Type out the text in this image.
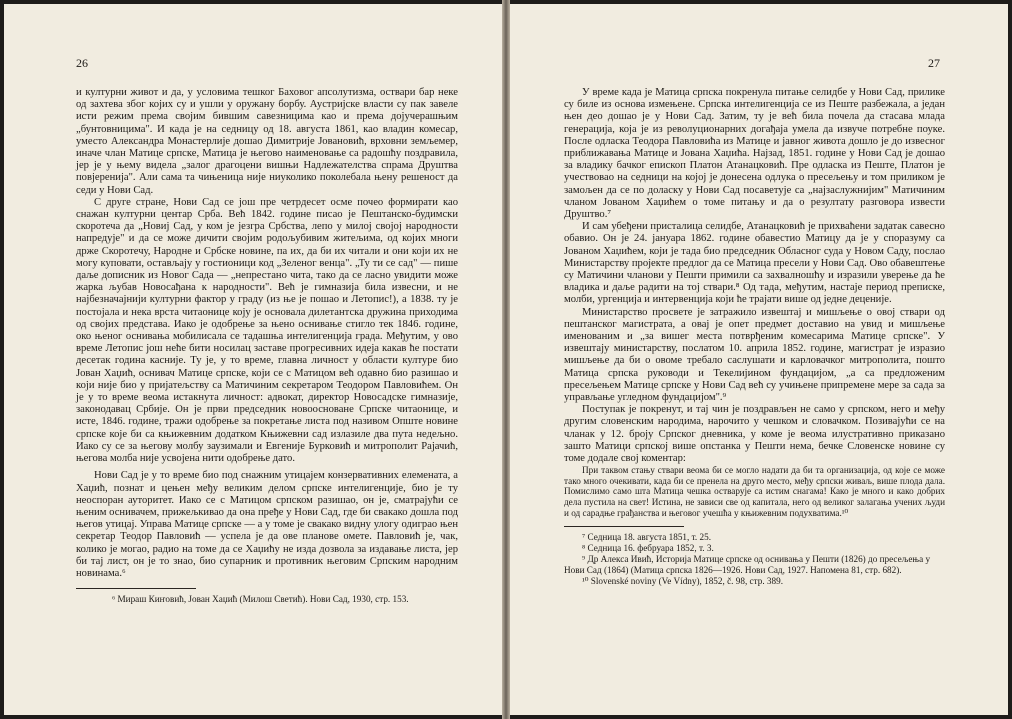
26

и културни живот и да, у условима тешког Баховог апсолутизма, оствари бар неке од захтева због којих су и ушли у оружану борбу. Аустријске власти су пак завеле исти режим према својим бившим савезницима као и према дојучерашњим „бунтовницима". И када је на седницу од 18. августа 1861, као владин комесар, уместо Александра Монастерлије дошао Димитрије Јовановић, врховни земљемер, иначе члан Матице српске, Матица је његово наименовање са радошћу поздравила, јер је у њему видела „залог драгоцени вишњи Надлежателства спрама Друштва повјеренија". Али сама та чињеница није ниуколико поколебала њену решеност да седи у Нови Сад.

С друге стране, Нови Сад се још пре четрдесет осме почео формирати као снажан културни центар Срба. Већ 1842. године писао је Пештанско-будимски скоротеча да „Новиј Сад, у ком је језгра Србства, лепо у милој својој народности напредује" и да се може дичити својим родољубивим житељима, од којих многи држе Скоротечу, Народне и Србске новине, па их, да би их читали и они који их не могу куповати, остављају у гостионици код „Зеленог венца". „Ту ти се сад" — пише даље дописник из Новог Сада — „непрестано чита, тако да се ласно увидити може жарка љубав Новосађана к народности". Већ је гимназија била извесни, и не најбезначајнији културни фактор у граду (из ње је пошао и Летопис!), а 1838. ту је постојала и нека врста читаонице коју је основала дилетантска дружина приходима од својих представа. Иако је одобрење за њено оснивање стигло тек 1846. године, око њеног оснивања мобилисала се тадашња интелигенција града. Међутим, у ово време Летопис још неће бити носилац заставе прогресивних идеја какав ће постати десетак година касније. Ту је, у то време, главна личност у области културе био Јован Хаџић, оснивач Матице српске, који се с Матицом већ одавно био разишао и који није био у пријатељству са Матичиним секретаром Теодором Павловићем. Он је у то време веома истакнута личност: адвокат, директор Новосадске гимназије, законодавац Србије. Он је први председник новоосноване Српске читаонице, и исте, 1846. године, тражи одобрење за покретање листа под називом Опште новине српске које би са књижевним додатком Књижевни сад излазиле два пута недељно. Иако су се за његову молбу заузимали и Евгеније Бурковић и митрополит Рајачић, његова молба није усвојена нити одобрење дато.

Нови Сад је у то време био под снажним утицајем конзервативних елемената, а Хаџић, познат и цењен међу великим делом српске интелигенције, био је ту неоспоран ауторитет. Иако се с Матицом српском разишао, он је, сматрајући се њеним оснивачем, прижељкивао да она пређе у Нови Сад, где би свакако дошла под његов утицај. Управа Матице српске — а у томе је свакако видну улогу одиграо њен секретар Теодор Павловић — успела је да ове планове омете. Павловић је, чак, колико је могао, радио на томе да се Хаџићу не изда дозвола за издавање листа, јер би тај лист, он је то знао, био супарник и противник његовим Српским народним новинама.⁶

⁶ Мираш Киҥовиħ, Јован Хаџић (Милош Светић). Нови Сад, 1930, стр. 153.

27

У време када је Матица српска покренула питање селидбе у Нови Сад, прилике су биле из основа измењене. Српска интелигенција се из Пеште разбежала, а један њен део дошао је у Нови Сад. Затим, ту је већ била почела да стасава млада генерација, која је из револуционарних догађаја умела да извуче потребне поуке. После одласка Теодора Павловића из Матице и јавног живота дошло је до извесног приближавања Матице и Јована Хаџића. Најзад, 1851. године у Нови Сад је дошао за владику бачког епископ Платон Атанацковић. Пре одласка из Пеште, Платон је учествовао на седници на којој је донесена одлука о пресељењу и том приликом је замољен да се по доласку у Нови Сад посаветује са „најзаслужнијим" Матичиним чланом Јованом Хаџићем о томе питању и да о резултату разговора извести Друштво.⁷

И сам убеђени присталица селидбе, Атанацковић је прихваћени задатак савесно обавио. Он је 24. јануара 1862. године обавестио Матицу да је у споразуму са Јованом Хаџићем, који је тада био председник Обласног суда у Новом Саду, послао Министарству пројекте предлог да се Матица пресели у Нови Сад. Ово обавештење су Матичини чланови у Пешти примили са захвалношћу и изразили уверење да ће владика и даље радити на тој ствари.⁸ Од тада, међутим, настаје период преписке, молби, ургенција и интервенција који ће трајати више од једне деценије.

Министарство просвете је затражило извештај и мишљење о овој ствари од пештанског магистрата, а овај је опет предмет доставио на увид и мишљење именованим и „за вишег места потврђеним комесарима Матице српске". У извештају министарству, послатом 10. априла 1852. године, магистрат је изразио мишљење да би о овоме требало саслушати и карловачког митрополита, пошто Матица српска руководи и Текелијином фундацијом, „а са предложеним пресељењем Матице српске у Нови Сад већ су учињене припремене мере за сада за управљање угледном фундацијом".⁹

Поступак је покренут, и тај чин је поздрављен не само у српском, него и међу другим словенским народима, нарочито у чешком и словачком. Позивајући се на чланак у 12. броју Српског дневника, у коме је веома илустративно приказано зашто Матици српској више опстанка у Пешти нема, бечке Словенске новине су томе додале свој коментар:

При таквом стању ствари веома би се могло надати да би та организација, од које се може тако много очекивати, када би се пренела на друго место, међу српски живаљ, више плода дала. Помислимо само шта Матица чешка остварује са истим снагама! Како је много и како добрих дела пустила на свет! Истина, не зависи све од капитала, него од великог залагања учених људи и од сарадње грађанства и његовог учешћа у књижевним подухватима.¹⁰

⁷ Седница 18. августа 1851, т. 25.

⁸ Седница 16. фебруара 1852, т. 3.

⁹ Др Алекса Ивић, Историја Матице српске од оснивања у Пешти (1826) до пресељења у Нови Сад (1864) (Матица српска 1826—1926. Нови Сад, 1927. Напомена 81, стр. 682).

¹⁰ Slovenské noviny (Ve Vídny), 1852, č. 98, стр. 389.
